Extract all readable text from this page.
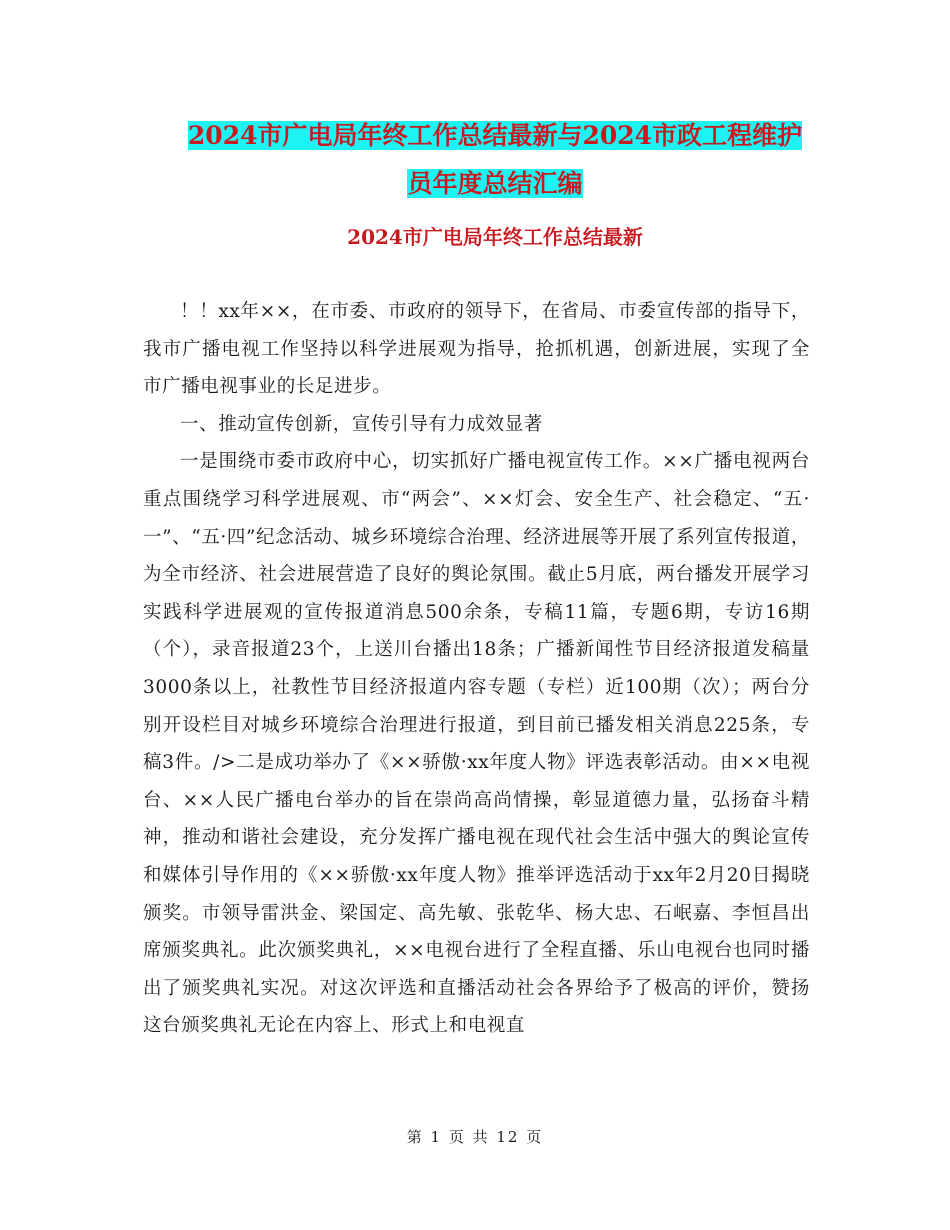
2024市广电局年终工作总结最新与2024市政工程维护
员年度总结汇编
2024市广电局年终工作总结最新

！！xx年××，在市委、市政府的领导下，在省局、市委宣传部的指导下，我市广播电视工作坚持以科学进展观为指导，抢抓机遇，创新进展，实现了全市广播电视事业的长足进步。

一、推动宣传创新，宣传引导有力成效显著

一是围绕市委市政府中心，切实抓好广播电视宣传工作。××广播电视两台重点围绕学习科学进展观、市“两会”、××灯会、安全生产、社会稳定、“五·一”、“五·四”纪念活动、城乡环境综合治理、经济进展等开展了系列宣传报道，为全市经济、社会进展营造了良好的舆论氛围。截止5月底，两台播发开展学习实践科学进展观的宣传报道消息500余条，专稿11篇，专题6期，专访16期（个），录音报道23个，上送川台播出18条；广播新闻性节目经济报道发稿量3000条以上，社教性节目经济报道内容专题（专栏）近100期（次）；两台分别开设栏目对城乡环境综合治理进行报道，到目前已播发相关消息225条，专稿3件。/>二是成功举办了《××骄傲·xx年度人物》评选表彰活动。由××电视台、××人民广播电台举办的旨在崇尚高尚情操，彰显道德力量，弘扬奋斗精神，推动和谐社会建设，充分发挥广播电视在现代社会生活中强大的舆论宣传和媒体引导作用的《××骄傲·xx年度人物》推举评选活动于xx年2月20日揭晓颁奖。市领导雷洪金、梁国定、高先敏、张乾华、杨大忠、石岷嘉、李恒昌出席颁奖典礼。此次颁奖典礼，××电视台进行了全程直播、乐山电视台也同时播出了颁奖典礼实况。对这次评选和直播活动社会各界给予了极高的评价，赞扬这台颁奖典礼无论在内容上、形式上和电视直

第 1 页 共 12 页
